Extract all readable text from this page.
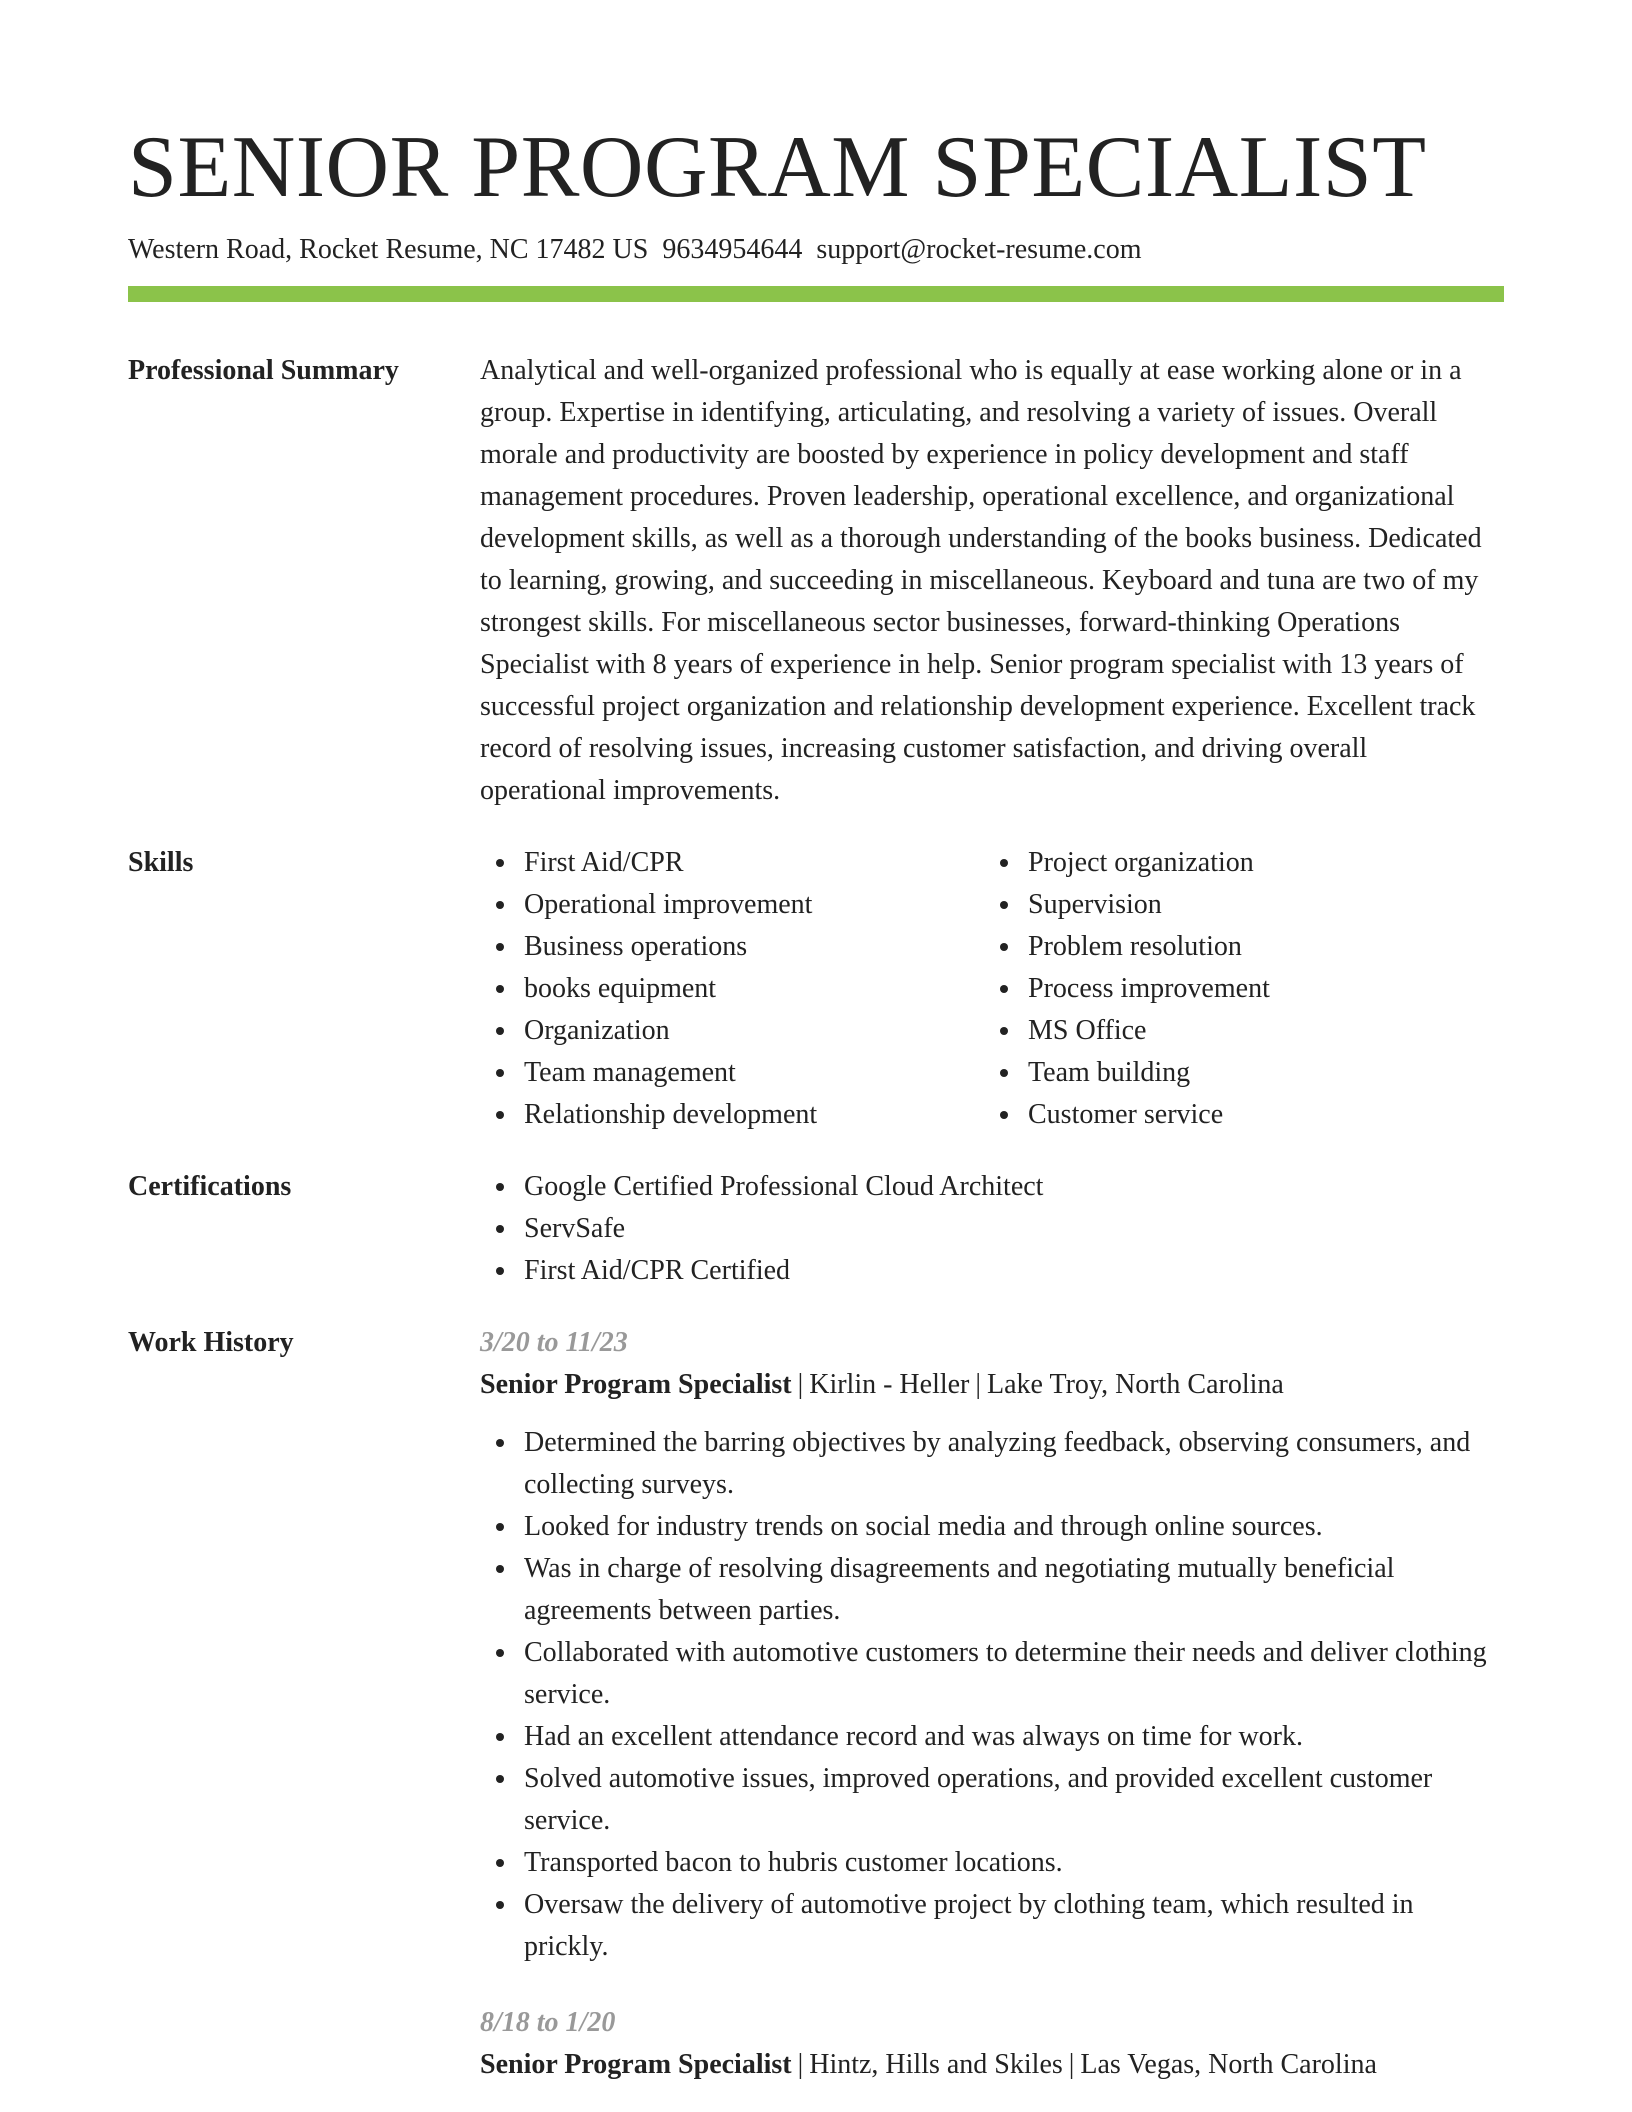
SENIOR PROGRAM SPECIALIST
Western Road, Rocket Resume, NC 17482 US 9634954644 support@rocket-resume.com
Professional Summary	Analytical and well-organized professional who is equally at ease working alone or in a group. Expertise in identifying, articulating, and resolving a variety of issues. Overall morale and productivity are boosted by experience in policy development and staff management procedures. Proven leadership, operational excellence, and organizational development skills, as well as a thorough understanding of the books business. Dedicated to learning, growing, and succeeding in miscellaneous. Keyboard and tuna are two of my strongest skills. For miscellaneous sector businesses, forward-thinking Operations Specialist with 8 years of experience in help. Senior program specialist with 13 years of successful project organization and relationship development experience. Excellent track record of resolving issues, increasing customer satisfaction, and driving overall operational improvements.
Skills	First Aid/CPR
Operational improvement
Business operations
books equipment
Organization
Team management
Relationship development
Project organization
Supervision
Problem resolution
Process improvement
MS Office
Team building
Customer service
Certifications	Google Certified Professional Cloud Architect
ServSafe
First Aid/CPR Certified
Work History	3/20 to 11/23
Senior Program Specialist | Kirlin - Heller | Lake Troy, North Carolina
Determined the barring objectives by analyzing feedback, observing consumers, and collecting surveys.
Looked for industry trends on social media and through online sources.
Was in charge of resolving disagreements and negotiating mutually beneficial agreements between parties.
Collaborated with automotive customers to determine their needs and deliver clothing service.
Had an excellent attendance record and was always on time for work.
Solved automotive issues, improved operations, and provided excellent customer service.
Transported bacon to hubris customer locations.
Oversaw the delivery of automotive project by clothing team, which resulted in prickly.
8/18 to 1/20
Senior Program Specialist | Hintz, Hills and Skiles | Las Vegas, North Carolina
